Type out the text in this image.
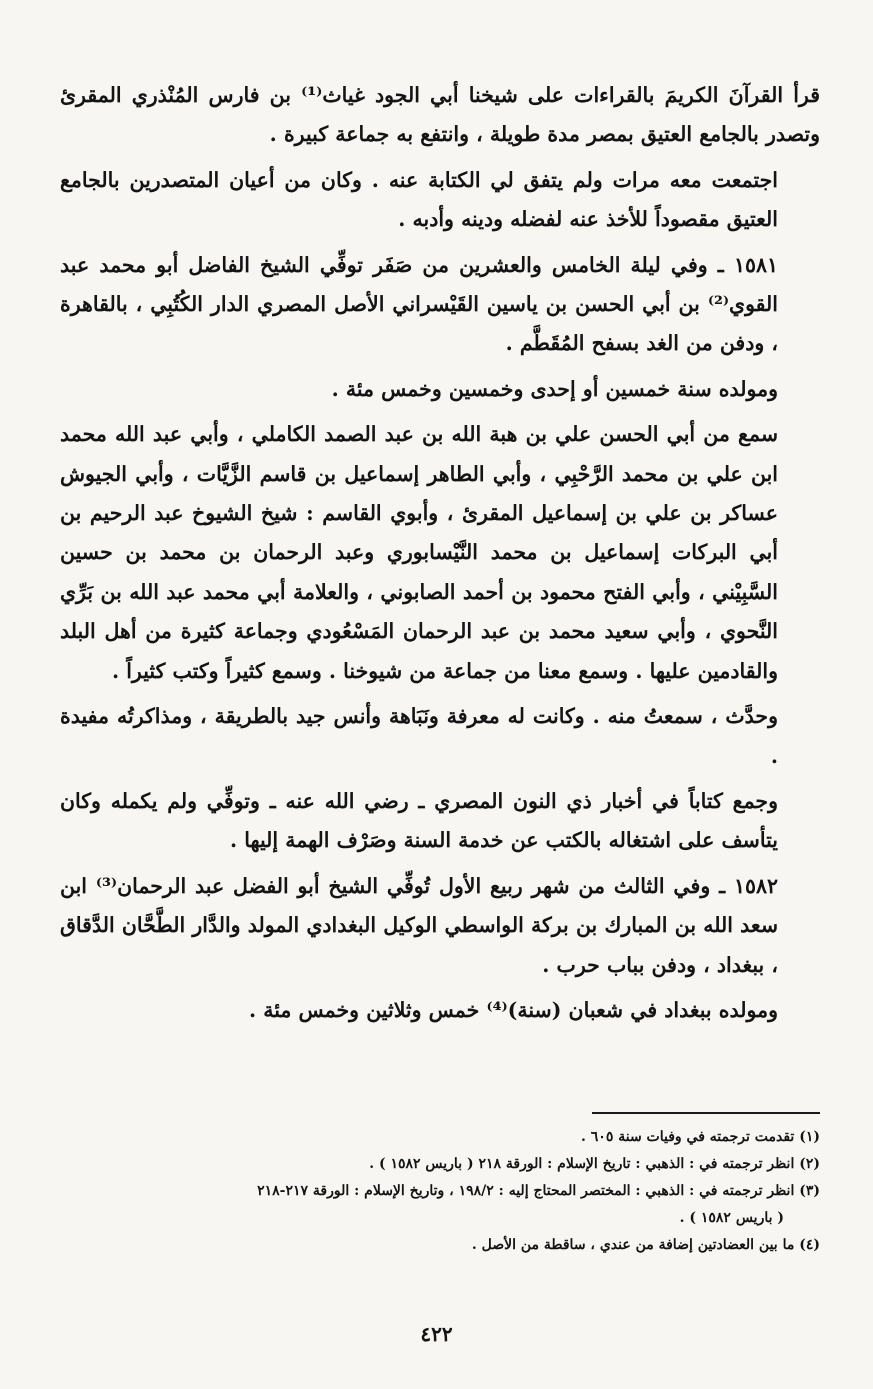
قرأ القرآنَ الكريمَ بالقراءات على شيخنا أبي الجود غياث⁽¹⁾ بن فارس المُنْذري المقرئ وتصدر بالجامع العتيق بمصر مدة طويلة ، وانتفع به جماعة كبيرة .

اجتمعت معه مرات ولم يتفق لي الكتابة عنه . وكان من أعيان المتصدرين بالجامع العتيق مقصوداً للأخذ عنه لفضله ودينه وأدبه .

١٥٨١ ـ وفي ليلة الخامس والعشرين من صَفَر توفِّي الشيخ الفاضل أبو محمد عبد القوي⁽²⁾ بن أبي الحسن بن ياسين القَيْسراني الأصل المصري الدار الكُتُبِي ، بالقاهرة ، ودفن من الغد بسفح المُقَطَّم .

ومولده سنة خمسين أو إحدى وخمسين وخمس مئة .

سمع من أبي الحسن علي بن هبة الله بن عبد الصمد الكاملي ، وأبي عبد الله محمد ابن علي بن محمد الرَّحْبِي ، وأبي الطاهر إسماعيل بن قاسم الزَّيَّات ، وأبي الجيوش عساكر بن علي بن إسماعيل المقرئ ، وأبوي القاسم : شيخ الشيوخ عبد الرحيم بن أبي البركات إسماعيل بن محمد النَّيْسابوري وعبد الرحمان بن محمد بن حسين السَّبِيْني ، وأبي الفتح محمود بن أحمد الصابوني ، والعلامة أبي محمد عبد الله بن بَرِّي النَّحوي ، وأبي سعيد محمد بن عبد الرحمان المَسْعُودي وجماعة كثيرة من أهل البلد والقادمين عليها . وسمع معنا من جماعة من شيوخنا . وسمع كثيراً وكتب كثيراً .

وحدَّث ، سمعتُ منه . وكانت له معرفة ونَبَاهة وأنس جيد بالطريقة ، ومذاكرتُه مفيدة .

وجمع كتاباً في أخبار ذي النون المصري ـ رضي الله عنه ـ وتوفِّي ولم يكمله وكان يتأسف على اشتغاله بالكتب عن خدمة السنة وصَرْف الهمة إليها .

١٥٨٢ ـ وفي الثالث من شهر ربيع الأول تُوفِّي الشيخ أبو الفضل عبد الرحمان⁽³⁾ ابن سعد الله بن المبارك بن بركة الواسطي الوكيل البغدادي المولد والدَّار الطَّحَّان الدَّقاق ، ببغداد ، ودفن بباب حرب .

ومولده ببغداد في شعبان (سنة)⁽⁴⁾ خمس وثلاثين وخمس مئة .

(١) تقدمت ترجمته في وفيات سنة ٦٠٥ .

(٢) انظر ترجمته في : الذهبي : تاريخ الإسلام : الورقة ٢١٨ ( باريس ١٥٨٢ ) .

(٣) انظر ترجمته في : الذهبي : المختصر المحتاج إليه : ١٩٨/٢ ، وتاريخ الإسلام : الورقة ٢١٧-٢١٨

( باريس ١٥٨٢ ) .

(٤) ما بين العضادتين إضافة من عندي ، ساقطة من الأصل .

٤٢٢
